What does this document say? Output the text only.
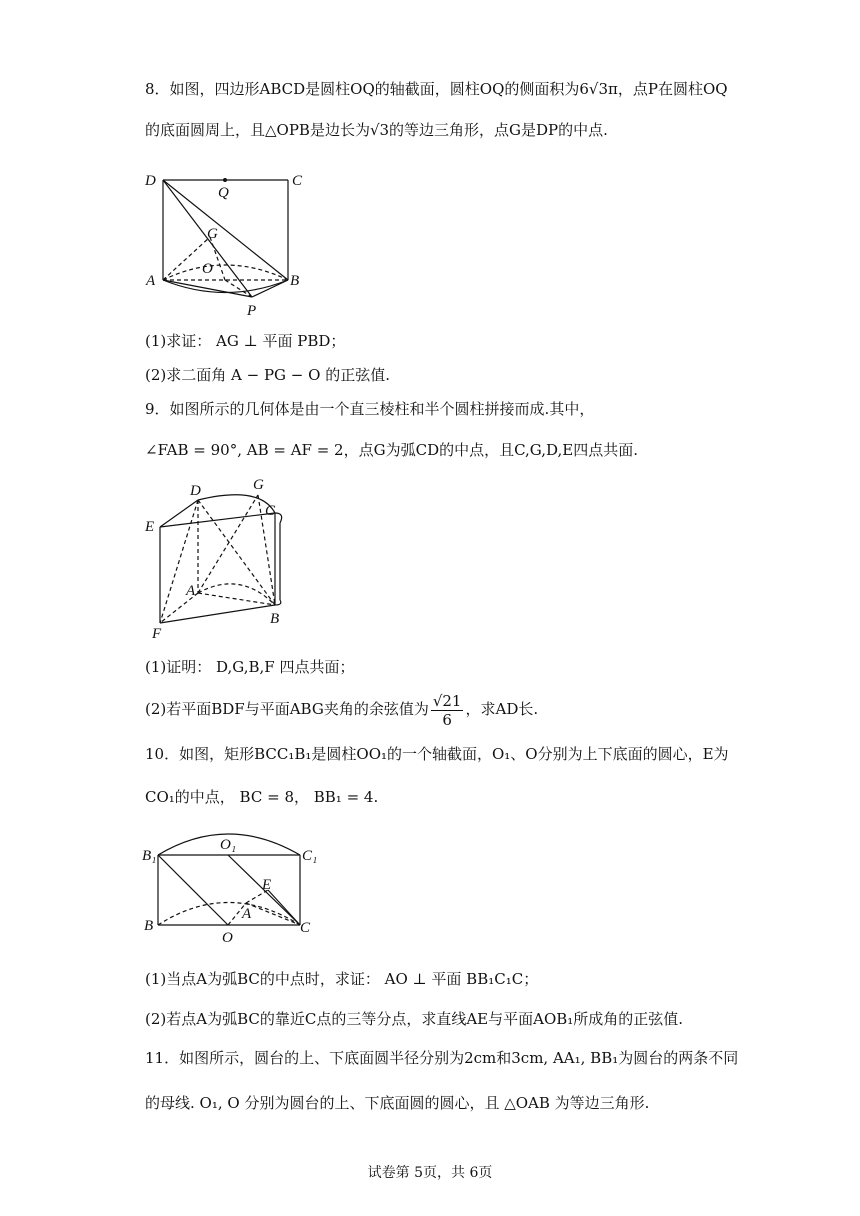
8．如图，四边形ABCD是圆柱OQ的轴截面，圆柱OQ的侧面积为6√3π，点P在圆柱OQ
的底面圆周上，且△OPB是边长为√3的等边三角形，点G是DP的中点.
D
Q
C
G
A
O
B
P
(1)求证： AG ⊥ 平面 PBD；
(2)求二面角 A − PG − O 的正弦值.
9．如图所示的几何体是由一个直三棱柱和半个圆柱拼接而成.其中，
∠FAB = 90°, AB = AF = 2，点G为弧CD的中点，且C,G,D,E四点共面.
D	G
C
E
A
F
B
(1)证明： D,G,B,F 四点共面；
(2)若平面BDF与平面ABG夹角的余弦值为 $\frac{√21}{6}$ ，求AD长.
10．如图，矩形BCC₁B₁是圆柱OO₁的一个轴截面，O₁、O分别为上下底面的圆心，E为
CO₁的中点， BC = 8， BB₁ = 4.
B₁
O₁
C₁
E
A
B
O
C
(1)当点A为弧BC的中点时，求证： AO ⊥ 平面 BB₁C₁C；
(2)若点A为弧BC的靠近C点的三等分点，求直线AE与平面AOB₁所成角的正弦值.
11．如图所示，圆台的上、下底面圆半径分别为2cm和3cm, AA₁, BB₁为圆台的两条不同
的母线. O₁, O 分别为圆台的上、下底面圆的圆心，且 △OAB 为等边三角形.
试卷第 5页，共 6页
